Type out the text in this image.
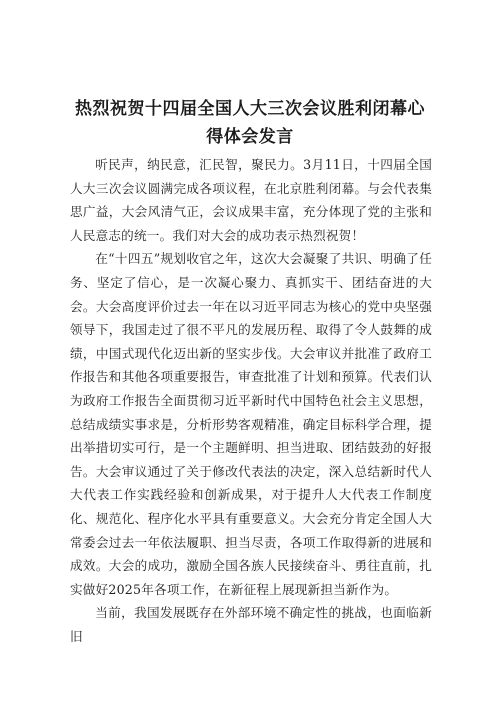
热烈祝贺十四届全国人大三次会议胜利闭幕心得体会发言

听民声，纳民意，汇民智，聚民力。3月11日，十四届全国人大三次会议圆满完成各项议程，在北京胜利闭幕。与会代表集思广益，大会风清气正，会议成果丰富，充分体现了党的主张和人民意志的统一。我们对大会的成功表示热烈祝贺！

在“十四五”规划收官之年，这次大会凝聚了共识、明确了任务、坚定了信心，是一次凝心聚力、真抓实干、团结奋进的大会。大会高度评价过去一年在以习近平同志为核心的党中央坚强领导下，我国走过了很不平凡的发展历程、取得了令人鼓舞的成绩，中国式现代化迈出新的坚实步伐。大会审议并批准了政府工作报告和其他各项重要报告，审查批准了计划和预算。代表们认为政府工作报告全面贯彻习近平新时代中国特色社会主义思想，总结成绩实事求是，分析形势客观精准，确定目标科学合理，提出举措切实可行，是一个主题鲜明、担当进取、团结鼓劲的好报告。大会审议通过了关于修改代表法的决定，深入总结新时代人大代表工作实践经验和创新成果，对于提升人大代表工作制度化、规范化、程序化水平具有重要意义。大会充分肯定全国人大常委会过去一年依法履职、担当尽责，各项工作取得新的进展和成效。大会的成功，激励全国各族人民接续奋斗、勇往直前，扎实做好2025年各项工作，在新征程上展现新担当新作为。

当前，我国发展既存在外部环境不确定性的挑战，也面临新旧
